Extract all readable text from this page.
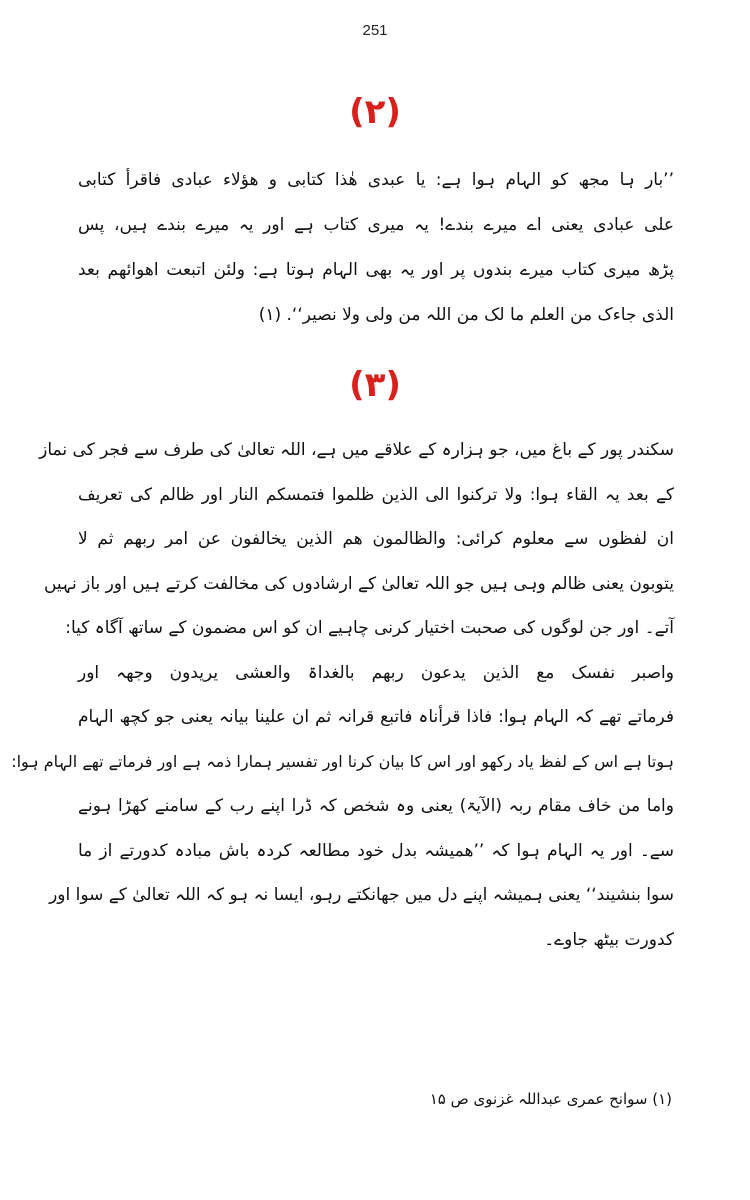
251
(۲)
’’بار ہا مجھ کو الہام ہوا ہے: یا عبدی ھٰذا کتابی و ھؤلاء عبادی فاقرأ کتابی
علی عبادی یعنی اے میرے بندے! یہ میری کتاب ہے اور یہ میرے بندے ہیں، پس
پڑھ میری کتاب میرے بندوں پر اور یہ بھی الہام ہوتا ہے: ولئن اتبعت اھوائھم بعد
الذی جاءک من العلم ما لک من اللہ من ولی ولا نصیر‘‘. (۱)
(۳)
سکندر پور کے باغ میں، جو ہزارہ کے علاقے میں ہے، اللہ تعالیٰ کی طرف سے فجر کی نماز
کے بعد یہ القاء ہوا: ولا ترکنوا الی الذین ظلموا فتمسکم النار اور ظالم کی تعریف
ان لفظوں سے معلوم کرائی: والظالمون ھم الذین یخالفون عن امر ربھم ثم لا
یتوبون یعنی ظالم وہی ہیں جو اللہ تعالیٰ کے ارشادوں کی مخالفت کرتے ہیں اور باز نہیں
آتے۔ اور جن لوگوں کی صحبت اختیار کرنی چاہیے ان کو اس مضمون کے ساتھ آگاہ کیا:
واصبر نفسک مع الذین یدعون ربھم بالغداۃ والعشی یریدون وجھہ اور
فرماتے تھے کہ الہام ہوا: فاذا قرأناہ فاتبع قرانہ ثم ان علینا بیانہ یعنی جو کچھ الہام
ہوتا ہے اس کے لفظ یاد رکھو اور اس کا بیان کرنا اور تفسیر ہمارا ذمہ ہے اور فرماتے تھے الہام ہوا:
واما من خاف مقام ربہ (الآیۃ) یعنی وہ شخص کہ ڈرا اپنے رب کے سامنے کھڑا ہونے
سے۔ اور یہ الہام ہوا کہ ’’ھمیشہ بدل خود مطالعہ کردہ باش مبادہ کدورتے از ما
سوا بنشیند‘‘ یعنی ہمیشہ اپنے دل میں جھانکتے رہو، ایسا نہ ہو کہ اللہ تعالیٰ کے سوا اور
کدورت بیٹھ جاوے۔
(۱) سوانح عمری عبداللہ غزنوی ص ۱۵
